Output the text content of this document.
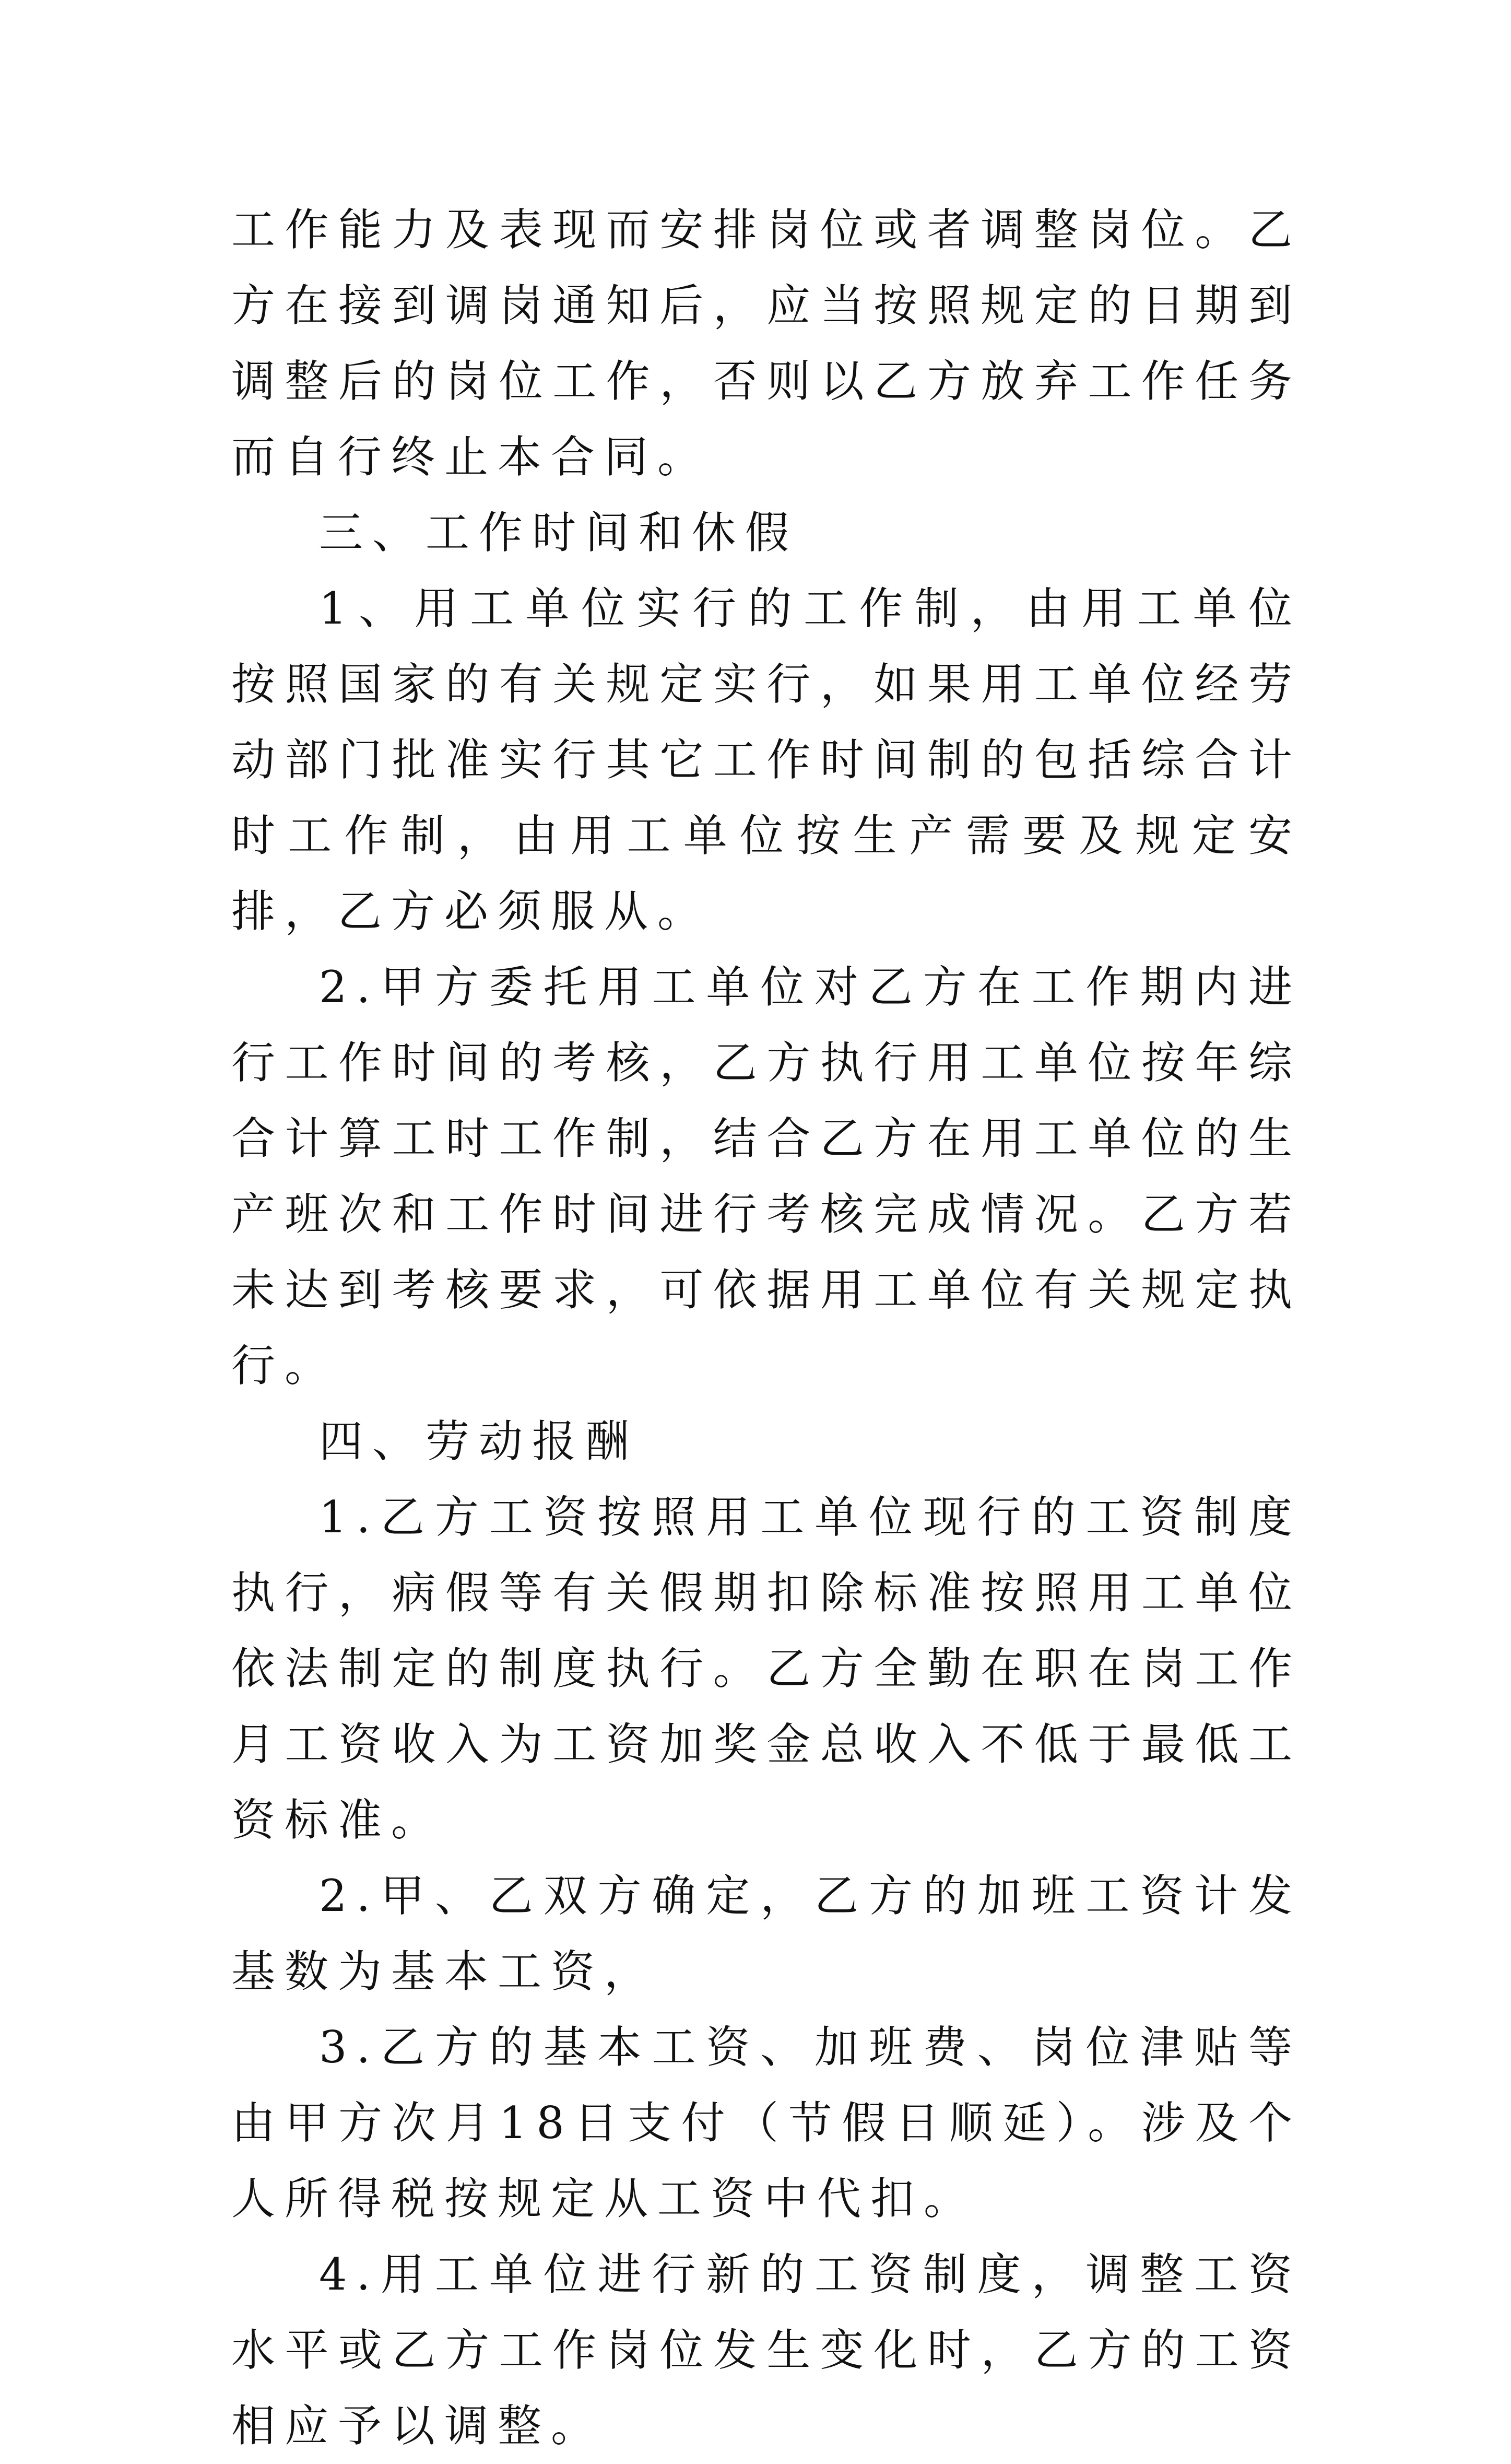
工作能力及表现而安排岗位或者调整岗位。乙方在接到调岗通知后，应当按照规定的日期到调整后的岗位工作，否则以乙方放弃工作任务而自行终止本合同。

三、工作时间和休假

1、用工单位实行的工作制，由用工单位按照国家的有关规定实行，如果用工单位经劳动部门批准实行其它工作时间制的包括综合计时工作制，由用工单位按生产需要及规定安排，乙方必须服从。

2.甲方委托用工单位对乙方在工作期内进行工作时间的考核，乙方执行用工单位按年综合计算工时工作制，结合乙方在用工单位的生产班次和工作时间进行考核完成情况。乙方若未达到考核要求，可依据用工单位有关规定执行。

四、劳动报酬

1.乙方工资按照用工单位现行的工资制度执行，病假等有关假期扣除标准按照用工单位依法制定的制度执行。乙方全勤在职在岗工作月工资收入为工资加奖金总收入不低于最低工资标准。

2.甲、乙双方确定，乙方的加班工资计发基数为基本工资，

3.乙方的基本工资、加班费、岗位津贴等由甲方次月18日支付（节假日顺延）。涉及个人所得税按规定从工资中代扣。

4.用工单位进行新的工资制度，调整工资水平或乙方工作岗位发生变化时，乙方的工资相应予以调整。
